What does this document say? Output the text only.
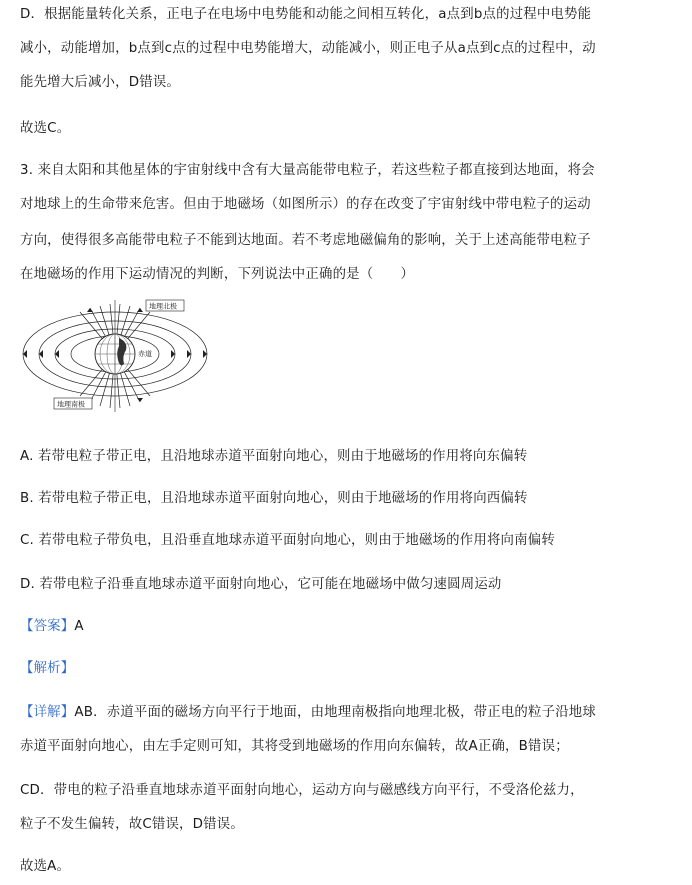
D．根据能量转化关系，正电子在电场中电势能和动能之间相互转化，a点到b点的过程中电势能
减小，动能增加，b点到c点的过程中电势能增大，动能减小，则正电子从a点到c点的过程中，动
能先增大后减小，D错误。
故选C。
3. 来自太阳和其他星体的宇宙射线中含有大量高能带电粒子，若这些粒子都直接到达地面，将会
对地球上的生命带来危害。但由于地磁场（如图所示）的存在改变了宇宙射线中带电粒子的运动
方向，使得很多高能带电粒子不能到达地面。若不考虑地磁偏角的影响，关于上述高能带电粒子
在地磁场的作用下运动情况的判断，下列说法中正确的是（　　）
地理北极
赤道
地理南极
A. 若带电粒子带正电，且沿地球赤道平面射向地心，则由于地磁场的作用将向东偏转
B. 若带电粒子带正电，且沿地球赤道平面射向地心，则由于地磁场的作用将向西偏转
C. 若带电粒子带负电，且沿垂直地球赤道平面射向地心，则由于地磁场的作用将向南偏转
D. 若带电粒子沿垂直地球赤道平面射向地心，它可能在地磁场中做匀速圆周运动
【答案】A
【解析】
【详解】AB．赤道平面的磁场方向平行于地面，由地理南极指向地理北极，带正电的粒子沿地球
赤道平面射向地心，由左手定则可知，其将受到地磁场的作用向东偏转，故A正确，B错误；
CD．带电的粒子沿垂直地球赤道平面射向地心，运动方向与磁感线方向平行，不受洛伦兹力，
粒子不发生偏转，故C错误，D错误。
故选A。
